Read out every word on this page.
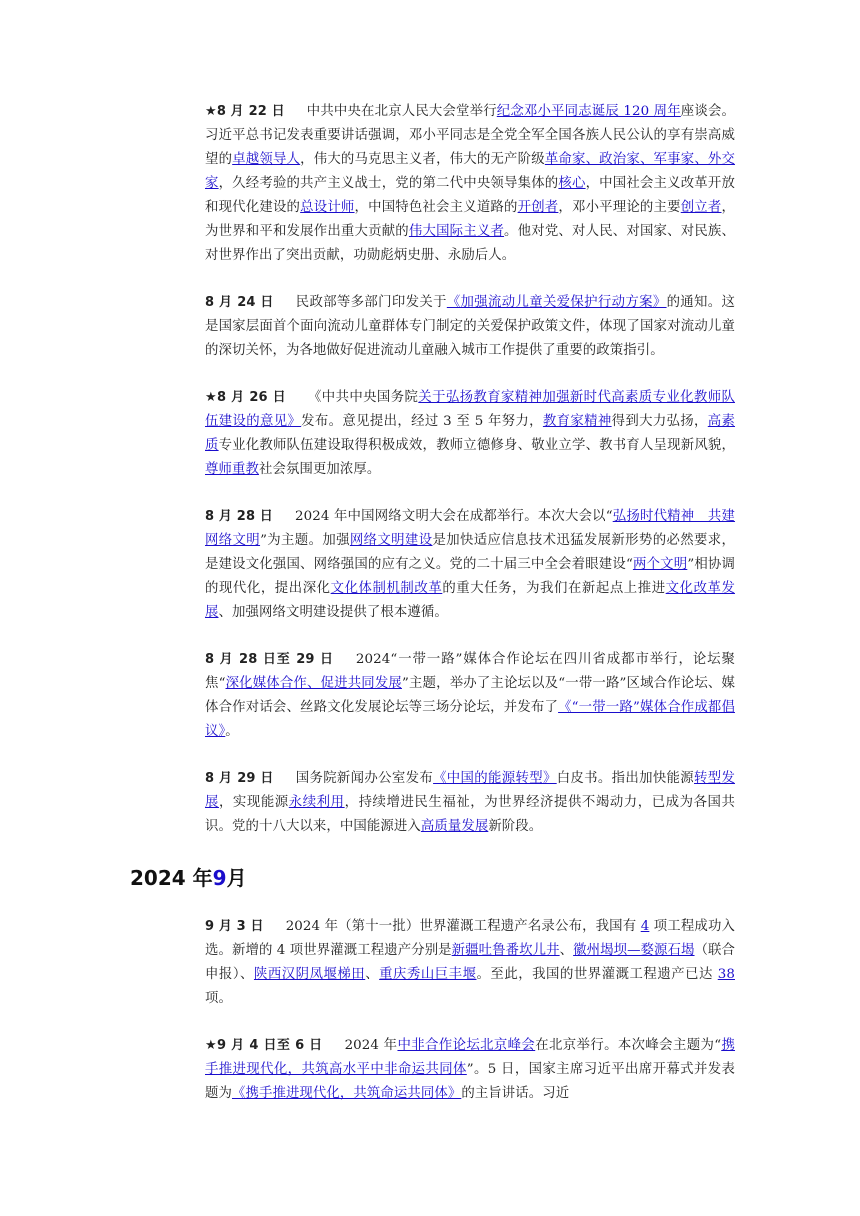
★8 月 22 日 中共中央在北京人民大会堂举行纪念邓小平同志诞辰 120 周年座谈会。习近平总书记发表重要讲话强调，邓小平同志是全党全军全国各族人民公认的享有崇高威望的卓越领导人，伟大的马克思主义者，伟大的无产阶级革命家、政治家、军事家、外交家，久经考验的共产主义战士，党的第二代中央领导集体的核心，中国社会主义改革开放和现代化建设的总设计师，中国特色社会主义道路的开创者，邓小平理论的主要创立者，为世界和平和发展作出重大贡献的伟大国际主义者。他对党、对人民、对国家、对民族、对世界作出了突出贡献，功勋彪炳史册、永励后人。

8 月 24 日 民政部等多部门印发关于《加强流动儿童关爱保护行动方案》的通知。这是国家层面首个面向流动儿童群体专门制定的关爱保护政策文件，体现了国家对流动儿童的深切关怀，为各地做好促进流动儿童融入城市工作提供了重要的政策指引。

★8 月 26 日 《中共中央国务院关于弘扬教育家精神加强新时代高素质专业化教师队伍建设的意见》发布。意见提出，经过 3 至 5 年努力，教育家精神得到大力弘扬，高素质专业化教师队伍建设取得积极成效，教师立德修身、敬业立学、教书育人呈现新风貌，尊师重教社会氛围更加浓厚。

8 月 28 日 2024 年中国网络文明大会在成都举行。本次大会以“弘扬时代精神　共建网络文明”为主题。加强网络文明建设是加快适应信息技术迅猛发展新形势的必然要求，是建设文化强国、网络强国的应有之义。党的二十届三中全会着眼建设“两个文明”相协调的现代化，提出深化文化体制机制改革的重大任务，为我们在新起点上推进文化改革发展、加强网络文明建设提供了根本遵循。

8 月 28 日至 29 日 2024“一带一路”媒体合作论坛在四川省成都市举行，论坛聚焦“深化媒体合作、促进共同发展”主题，举办了主论坛以及“一带一路”区域合作论坛、媒体合作对话会、丝路文化发展论坛等三场分论坛，并发布了《“一带一路”媒体合作成都倡议》。

8 月 29 日 国务院新闻办公室发布《中国的能源转型》白皮书。指出加快能源转型发展，实现能源永续利用，持续增进民生福祉，为世界经济提供不竭动力，已成为各国共识。党的十八大以来，中国能源进入高质量发展新阶段。

2024 年9月

9 月 3 日 2024 年（第十一批）世界灌溉工程遗产名录公布，我国有 4 项工程成功入选。新增的 4 项世界灌溉工程遗产分别是新疆吐鲁番坎儿井、徽州堨坝—婺源石堨（联合申报）、陕西汉阴凤堰梯田、重庆秀山巨丰堰。至此，我国的世界灌溉工程遗产已达 38 项。

★9 月 4 日至 6 日 2024 年中非合作论坛北京峰会在北京举行。本次峰会主题为“携手推进现代化，共筑高水平中非命运共同体”。5 日，国家主席习近平出席开幕式并发表题为《携手推进现代化，共筑命运共同体》的主旨讲话。习近
